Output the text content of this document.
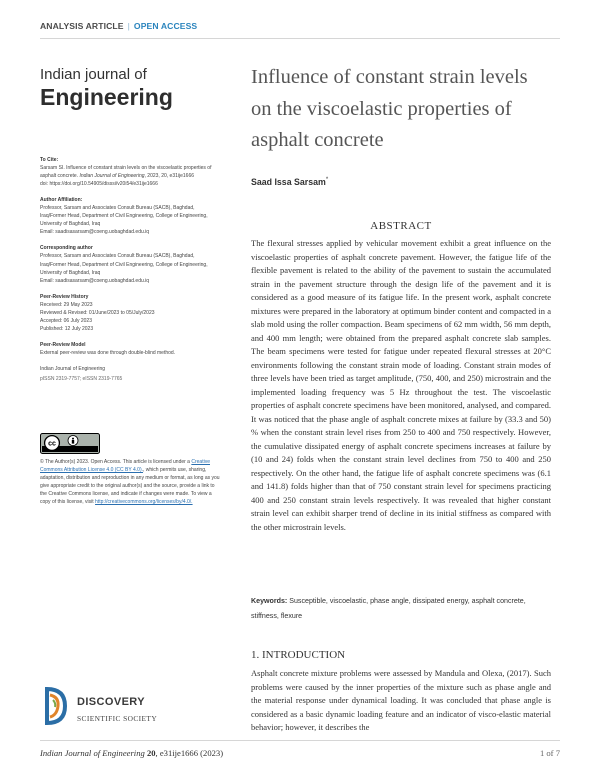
ANALYSIS ARTICLE | OPEN ACCESS
Indian journal of
Engineering
Influence of constant strain levels on the viscoelastic properties of asphalt concrete
Saad Issa Sarsam*
To Cite:
Sarsam SI. Influence of constant strain levels on the viscoelastic properties of asphalt concrete. Indian Journal of Engineering, 2023, 20, e31ije1666
doi: https://doi.org/10.54905/disssi/v20i54/e31ije1666
Author Affiliation:
Professor, Sarsam and Associates Consult Bureau (SACB), Baghdad, Iraq/Former Head, Department of Civil Engineering, College of Engineering, University of Baghdad, Iraq
Email: saadisasarsam@coeng.uobaghdad.edu.iq
Corresponding author
Professor, Sarsam and Associates Consult Bureau (SACB), Baghdad, Iraq/Former Head, Department of Civil Engineering, College of Engineering, University of Baghdad, Iraq
Email: saadisasarsam@coeng.uobaghdad.edu.iq
Peer-Review History
Received: 29 May 2023
Reviewed & Revised: 01/June/2023 to 05/July/2023
Accepted: 06 July 2023
Published: 12 July 2023
Peer-Review Model
External peer-review was done through double-blind method.
Indian Journal of Engineering
pISSN 2319-7757; eISSN 2319-7765
cc
© The Author(s) 2023. Open Access. This article is licensed under a Creative Commons Attribution License 4.0 (CC BY 4.0)., which permits use, sharing, adaptation, distribution and reproduction in any medium or format, as long as you give appropriate credit to the original author(s) and the source, provide a link to the Creative Commons license, and indicate if changes were made. To view a copy of this license, visit http://creativecommons.org/licenses/by/4.0/.
DISCOVERY
SCIENTIFIC SOCIETY
ABSTRACT
The flexural stresses applied by vehicular movement exhibit a great influence on the viscoelastic properties of asphalt concrete pavement. However, the fatigue life of the flexible pavement is related to the ability of the pavement to sustain the accumulated strain in the pavement structure through the design life of the pavement and it is considered as a good measure of its fatigue life. In the present work, asphalt concrete mixtures were prepared in the laboratory at optimum binder content and compacted in a slab mold using the roller compaction. Beam specimens of 62 mm width, 56 mm depth, and 400 mm length; were obtained from the prepared asphalt concrete slab samples. The beam specimens were tested for fatigue under repeated flexural stresses at 20°C environments following the constant strain mode of loading. Constant strain modes of three levels have been tried as target amplitude, (750, 400, and 250) microstrain and the implemented loading frequency was 5 Hz throughout the test. The viscoelastic properties of asphalt concrete specimens have been monitored, analysed, and compared. It was noticed that the phase angle of asphalt concrete mixes at failure by (33.3 and 50) % when the constant strain level rises from 250 to 400 and 750 respectively. However, the cumulative dissipated energy of asphalt concrete specimens increases at failure by (10 and 24) folds when the constant strain level declines from 750 to 400 and 250 respectively. On the other hand, the fatigue life of asphalt concrete specimens was (6.1 and 141.8) folds higher than that of 750 constant strain level for specimens practicing 400 and 250 constant strain levels respectively. It was revealed that higher constant strain level can exhibit sharper trend of decline in its initial stiffness as compared with the other microstrain levels.
Keywords: Susceptible, viscoelastic, phase angle, dissipated energy, asphalt concrete, stiffness, flexure
1. INTRODUCTION
Asphalt concrete mixture problems were assessed by Mandula and Olexa, (2017). Such problems were caused by the inner properties of the mixture such as phase angle and the material response under dynamical loading. It was concluded that phase angle is considered as a basic dynamic loading feature and an indicator of visco-elastic material behavior; however, it describes the
Indian Journal of Engineering 20, e31ije1666 (2023)	1 of 7
